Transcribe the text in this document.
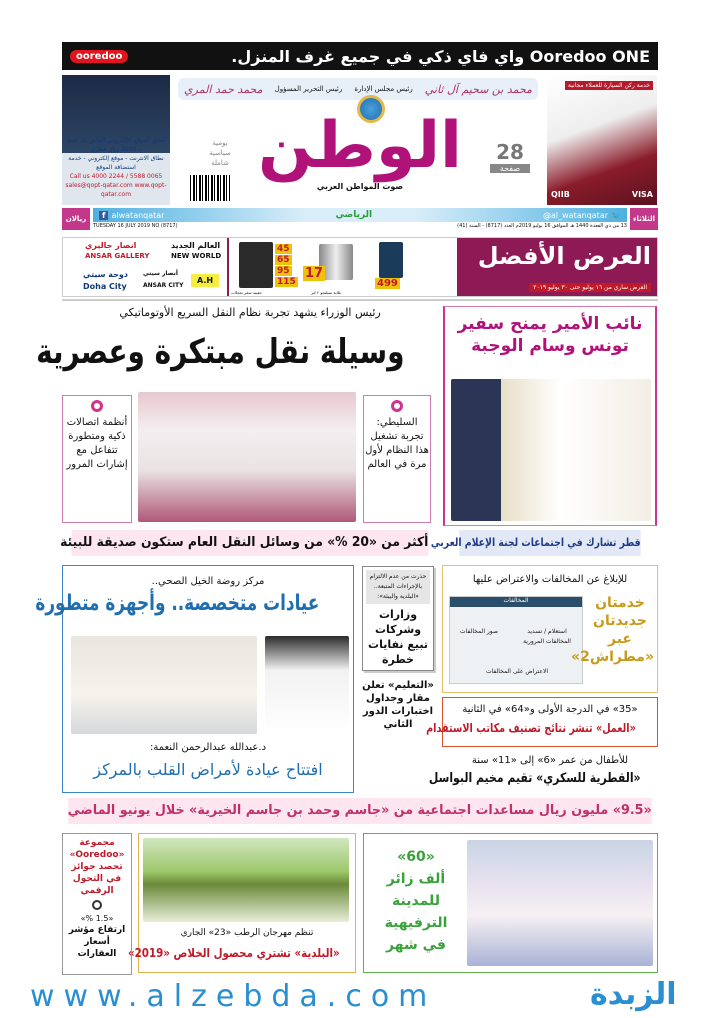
ooredoo	Ooredoo ONE واي فاي ذكي في جميع غرف المنزل.
اطلق الموقع الإلكتروني الخاص بك فقط بـ 3500 ريال قطري
نطاق الانترنت - موقع إلكتروني - خدمة استضافة الموقع
Call us 4000 2244 / 5588 0065 sales@qopt-qatar.com www.qopt-qatar.com
خدمة ركن السيارة للعملاء مجانية
QIIB	VISA
محمد بن سحيم آل ثاني
رئيس مجلس الإدارة
رئيس التحرير المسؤول
محمد حمد المري
الوطن
صوت المواطن العربي
28
صفحة
يومية
سياسية
شاملة
ريالان	الثلاثاء
f alwatanqatar	الرياضي	@al_watanqatar 🐦
TUESDAY 16 JULY 2019 NO (8717)	13 من ذي القعدة 1440 هـ الموافق 16 يوليو 2019م العدد (8717) - السنة (41)
العرض الأفضل
العرض ساري من ١٦ يوليو حتى ٣٠ يوليو ٢٠١٩
45
65
95
115
17
499
حقيبة سفر بعجلات	غلاية سيلتجو ٢ لتر
انصار جاليري
ANSAR GALLERY
العالم الجديد
NEW WORLD
دوحة سيتي
Doha City
أنصار سيتي
ANSAR CITY
A.H
رئيس الوزراء يشهد تجربة نظام النقل السريع الأوتوماتيكي
وسيلة نقل مبتكرة وعصرية
السليطي: تجربة تشغيل هذا النظام لأول مرة في العالم
أنظمة اتصالات ذكية ومتطورة تتفاعل مع إشارات المرور
أكثر من «20 %» من وسائل النقل العام ستكون صديقة للبيئة
نائب الأمير يمنح سفير تونس وسام الوجبة
قطر تشارك في اجتماعات لجنة الإعلام العربي
مركز روضة الخيل الصحي..
عيادات متخصصة.. وأجهزة متطورة
د.عبدالله عبدالرحمن النعمة:
افتتاح عيادة لأمراض القلب بالمركز
حذرت من عدم الالتزام بالإجراءات المتبعة.. «البلدية والبيئة»:
وزارات وشركات تبيع نفايات خطرة
«التعليم» تعلن مقار وجداول اختبارات الدور الثاني
للإبلاغ عن المخالفات والاعتراض عليها
المخالفات
استعلام / تسديد المخالفات المرورية
صور المخالفات
الاعتراض على المخالفات
خدمتان جديدتان عبر «مطراش2»
«35» في الدرجة الأولى و«64» في الثانية
«العمل» تنشر نتائج تصنيف مكاتب الاستقدام
للأطفال من عمر «6» إلى «11» سنة
«القطرية للسكري» تقيم مخيم البواسل
«9.5» مليون ريال مساعدات اجتماعية من «جاسم وحمد بن جاسم الخيرية» خلال يونيو الماضي
«60»
ألف زائر
للمدينة
الترفيهية
في شهر
تنظم مهرجان الرطب «23» الجاري
«البلدية» تشتري محصول الخلاص «2019»
مجموعة «Ooredoo» تحصد جوائز في التحول الرقمي
«1.5 %»
ارتفاع مؤشر أسعار العقارات
www.alzebda.com	الزبدة
